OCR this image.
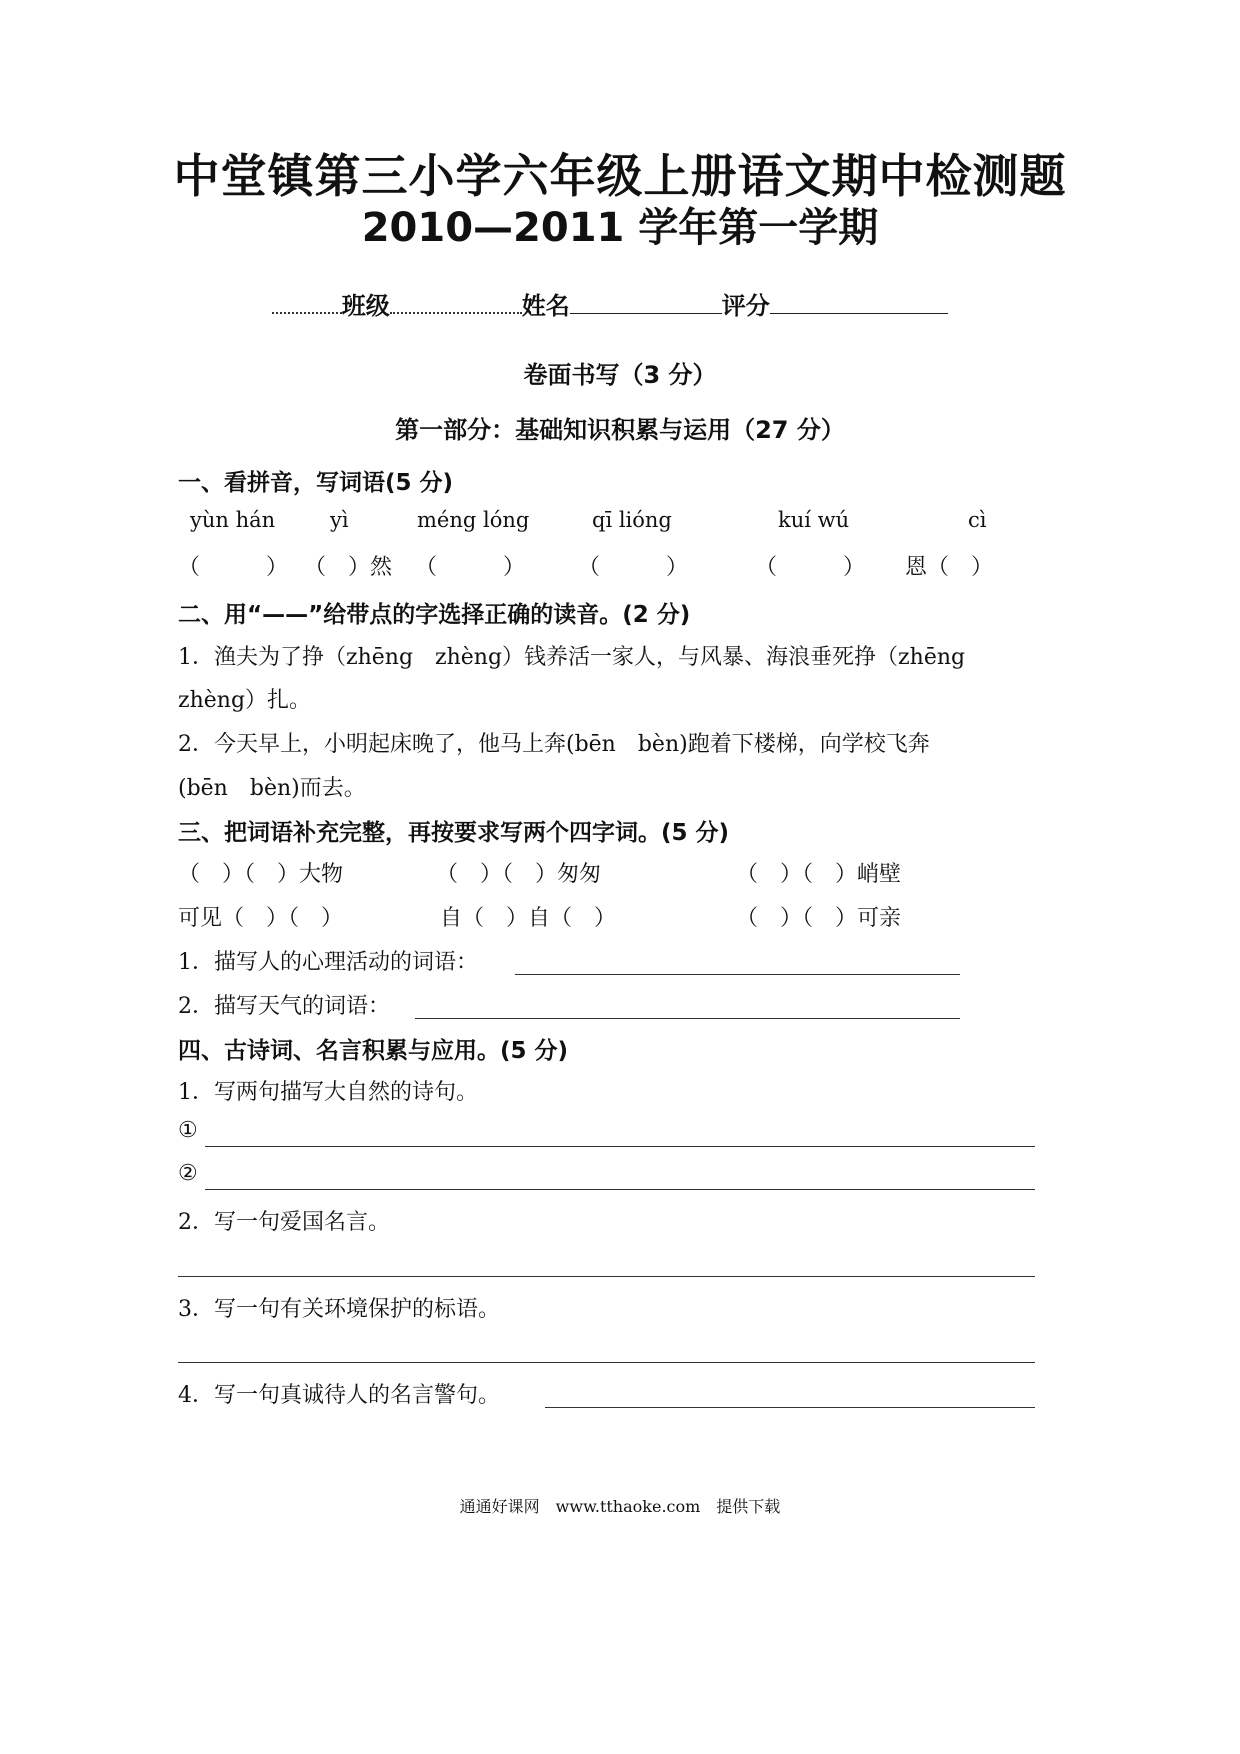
中堂镇第三小学六年级上册语文期中检测题
2010—2011 学年第一学期

班级	姓名	评分

卷面书写（3 分）
第一部分：基础知识积累与运用（27 分）
一、看拼音，写词语(5 分)
yùn hán	yì	méng lóng	qī lióng	kuí wú	cì
（　　　） （　）然 （　　　） （　　　）	（　　　） 恩（　）
二、用“——”给带点的字选择正确的读音。(2 分)
1．渔夫为了挣（zhēng　zhèng）钱养活一家人，与风暴、海浪垂死挣（zhēng
zhèng）扎。
2．今天早上，小明起床晚了，他马上奔(bēn　bèn)跑着下楼梯，向学校飞奔
(bēn　bèn)而去。
三、把词语补充完整，再按要求写两个四字词。(5 分)
（　）（　）大物	（　）（　）匆匆	（　）（　）峭壁
可见（　）（　）	自（　）自（　）	（　）（　）可亲
1．描写人的心理活动的词语：
2．描写天气的词语：
四、古诗词、名言积累与应用。(5 分)
1．写两句描写大自然的诗句。
①
②
2．写一句爱国名言。
3．写一句有关环境保护的标语。
4．写一句真诚待人的名言警句。
通通好课网　www.tthaoke.com　提供下载
